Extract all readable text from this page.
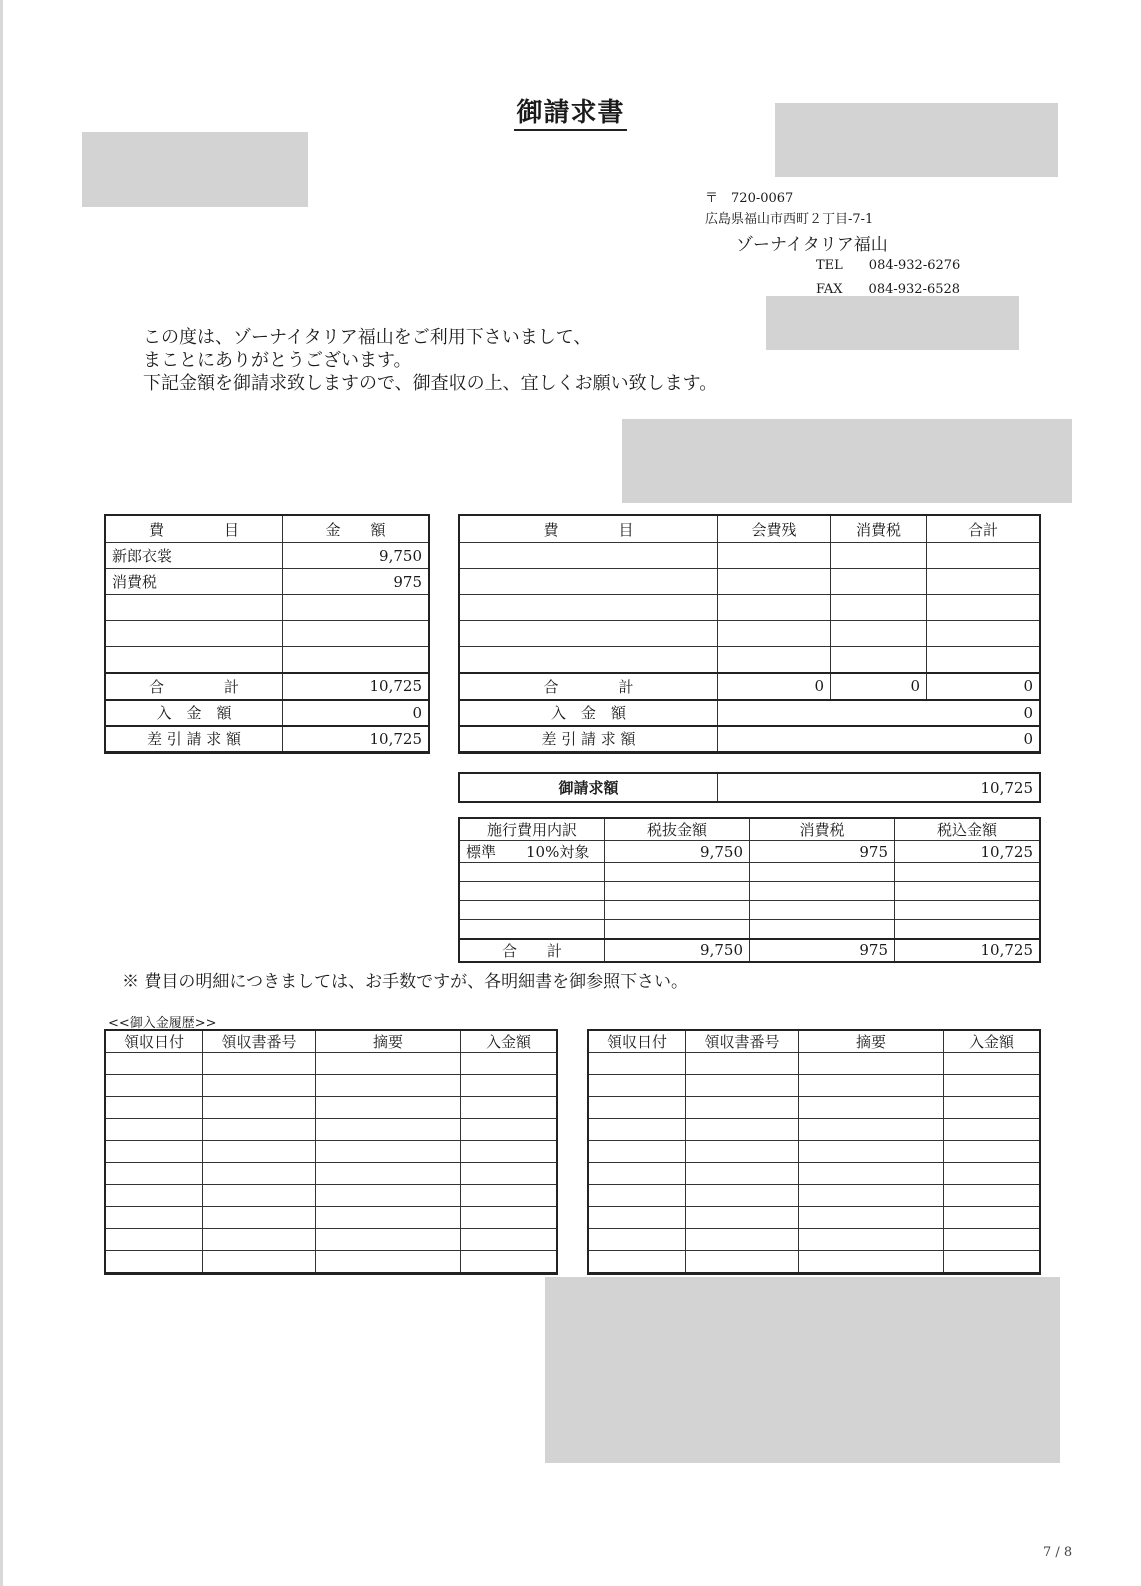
御請求書
〒　 720-0067
広島県福山市西町２丁目-7-1
ゾーナイタリア福山
TEL 084-932-6276
FAX 084-932-6528
この度は、ゾーナイタリア福山をご利用下さいまして、
まことにありがとうございます。
下記金額を御請求致しますので、御査収の上、宜しくお願い致します。
費　　　　目	金　　額
新郎衣裳	9,750
消費税	975

合　　　　計	10,725
入　金　額	0
差 引 請 求 額	10,725
費　　　　目	会費残	消費税	合計

合　　　　計	0	0	0
入　金　額	0		
差 引 請 求 額	0		
御請求額	10,725
施行費用内訳	税抜金額	消費税	税込金額
標準　　10%対象	9,750	975	10,725

合　　計	9,750	975	10,725
※ 費目の明細につきましては、お手数ですが、各明細書を御参照下さい。
<<御入金履歴>>
領収日付	領収書番号	摘要	入金額

				領収日付	領収書番号	摘要	入金額

7 / 8
